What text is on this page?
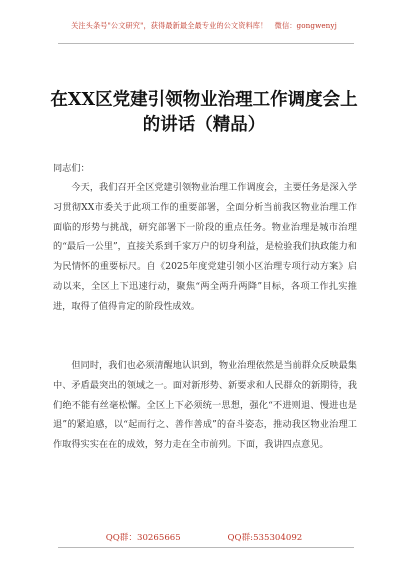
关注头条号"公文研究"，获得最新最全最专业的公文资料库！　微信：gongwenyj
在XX区党建引领物业治理工作调度会上的讲话（精品）
同志们：

今天，我们召开全区党建引领物业治理工作调度会，主要任务是深入学习贯彻XX市委关于此项工作的重要部署，全面分析当前我区物业治理工作面临的形势与挑战，研究部署下一阶段的重点任务。物业治理是城市治理的“最后一公里”，直接关系到千家万户的切身利益，是检验我们执政能力和为民情怀的重要标尺。自《2025年度党建引领小区治理专项行动方案》启动以来，全区上下迅速行动，聚焦“两全两升两降”目标，各项工作扎实推进，取得了值得肯定的阶段性成效。

但同时，我们也必须清醒地认识到，物业治理依然是当前群众反映最集中、矛盾最突出的领域之一。面对新形势、新要求和人民群众的新期待，我们绝不能有丝毫松懈。全区上下必须统一思想，强化“不进则退、慢进也是退”的紧迫感，以“起而行之、善作善成”的奋斗姿态，推动我区物业治理工作取得实实在在的成效，努力走在全市前列。下面，我讲四点意见。

QQ群：30265665	QQ群:535304092
